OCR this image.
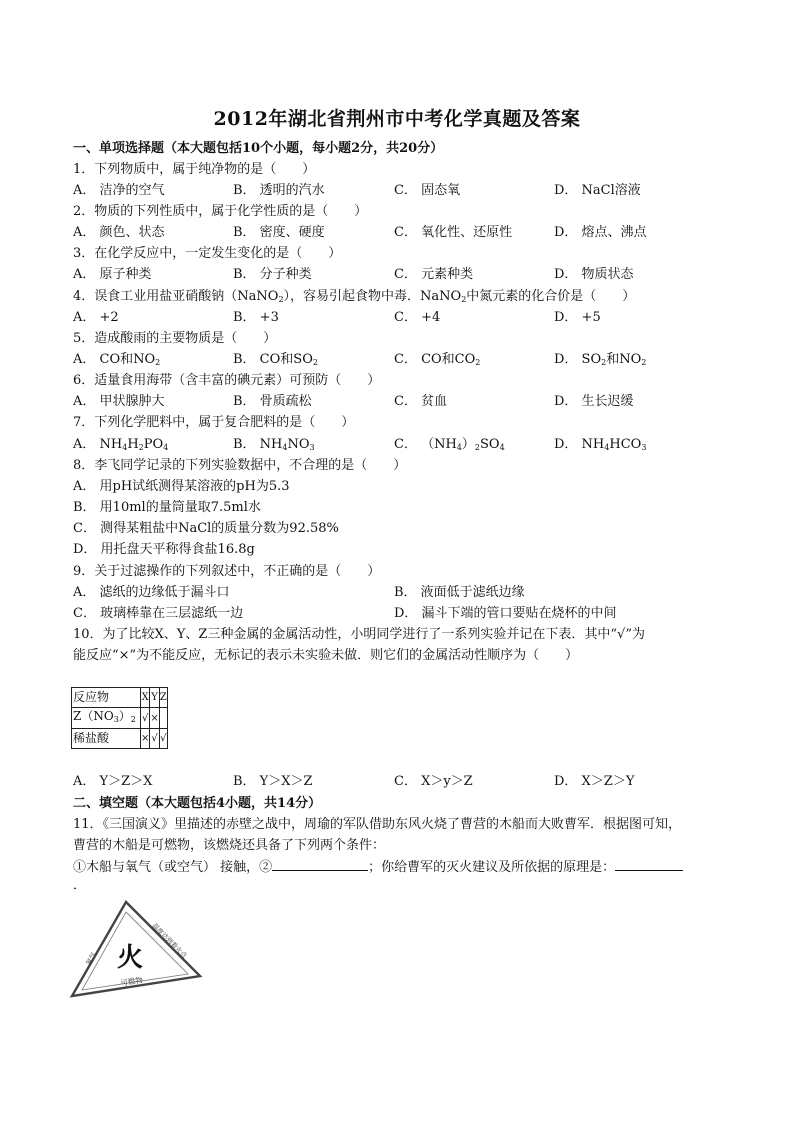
2012年湖北省荆州市中考化学真题及答案
一、单项选择题（本大题包括10个小题，每小题2分，共20分）
1．下列物质中，属于纯净物的是（　　）
A． 洁净的空气	B． 透明的汽水	C． 固态氧	D． NaCl溶液
2．物质的下列性质中，属于化学性质的是（　　）
A． 颜色、状态	B． 密度、硬度	C． 氧化性、还原性	D． 熔点、沸点
3．在化学反应中，一定发生变化的是（　　）
A． 原子种类	B． 分子种类	C． 元素种类	D． 物质状态
4．误食工业用盐亚硝酸钠（NaNO$_2$），容易引起食物中毒．NaNO$_2$中氮元素的化合价是（　　）
A． +2	B． +3	C． +4	D． +5
5．造成酸雨的主要物质是（　　）
A． CO和$NO_2$	B． CO和$SO_2$	C． CO和$CO_2$	D． $SO_2$和$NO_2$
6．适量食用海带（含丰富的碘元素）可预防（　　）
A． 甲状腺肿大	B． 骨质疏松	C． 贫血	D． 生长迟缓
7．下列化学肥料中，属于复合肥料的是（　　）
A． $NH_4H_2PO_4$	B． $NH_4NO_3$	C． $(NH_4)_2SO_4$	D． $NH_4HCO_3$
8．李飞同学记录的下列实验数据中，不合理的是（　　）
A． 用pH试纸测得某溶液的pH为5.3
B． 用10ml的量筒量取7.5ml水
C． 测得某粗盐中NaCl的质量分数为92.58%
D． 用托盘天平称得食盐16.8g
9．关于过滤操作的下列叙述中，不正确的是（　　）
A． 滤纸的边缘低于漏斗口	B． 液面低于滤纸边缘
C． 玻璃棒靠在三层滤纸一边	D． 漏斗下端的管口要贴在烧杯的中间
10．为了比较X、Y、Z三种金属的金属活动性，小明同学进行了一系列实验并记在下表．其中“√”为
能反应“×”为不能反应，无标记的表示未实验未做．则它们的金属活动性顺序为（　　）
反应物	X	Y	Z
$Z(NO_3)_2$	√	×	
稀盐酸	×	√	√
A． Y＞Z＞X	B． Y＞X＞Z	C． X＞y＞Z	D． X＞Z＞Y
二、填空题（本大题包括4小题，共14分）
11．《三国演义》里描述的赤壁之战中，周瑜的军队借助东风火烧了曹营的木船而大败曹军．根据图可知，
曹营的木船是可燃物，该燃烧还具备了下列两个条件：
①木船与氧气（或空气） 接触，②	；你给曹军的灭火建议及所依据的原理是：
．
火
氧气	温度达到着火点
可燃物
